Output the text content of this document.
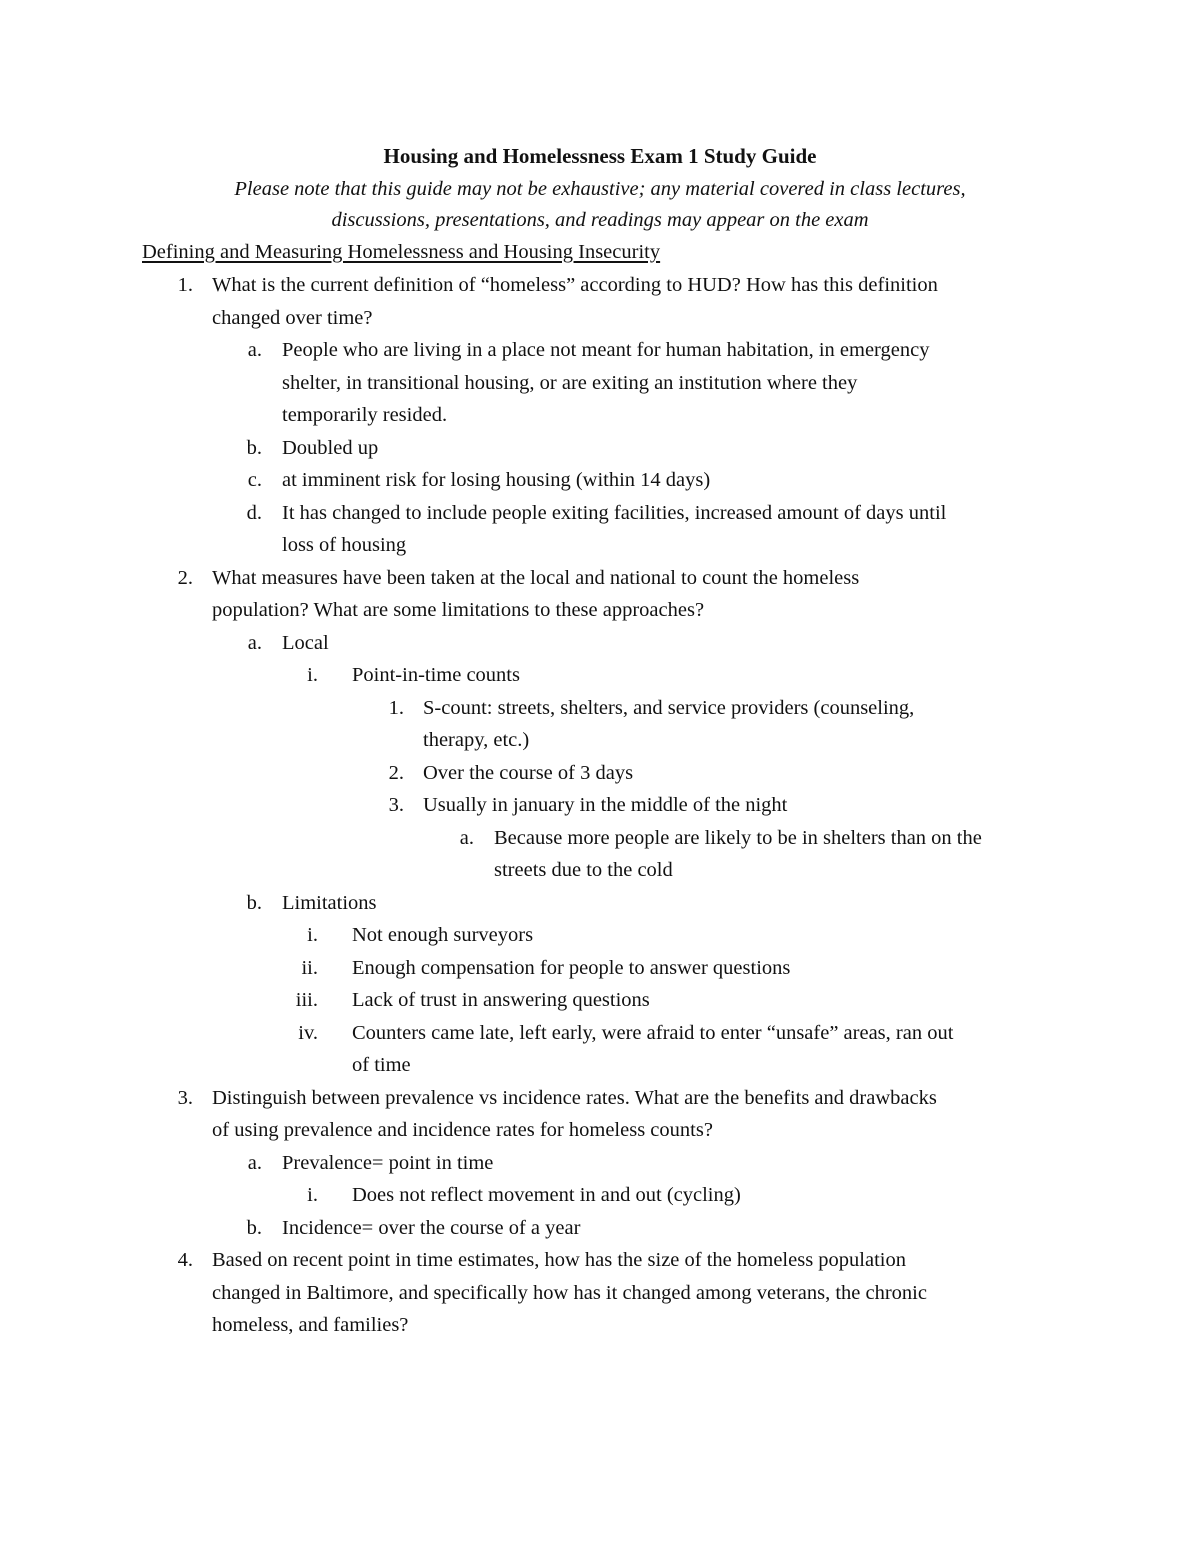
Housing and Homelessness Exam 1 Study Guide
Please note that this guide may not be exhaustive; any material covered in class lectures,
discussions, presentations, and readings may appear on the exam
Defining and Measuring Homelessness and Housing Insecurity
1. What is the current definition of “homeless” according to HUD? How has this definition
changed over time?
a. People who are living in a place not meant for human habitation, in emergency
shelter, in transitional housing, or are exiting an institution where they
temporarily resided.
b. Doubled up
c. at imminent risk for losing housing (within 14 days)
d. It has changed to include people exiting facilities, increased amount of days until
loss of housing
2. What measures have been taken at the local and national to count the homeless
population? What are some limitations to these approaches?
a. Local
i. Point-in-time counts
1. S-count: streets, shelters, and service providers (counseling,
therapy, etc.)
2. Over the course of 3 days
3. Usually in january in the middle of the night
a. Because more people are likely to be in shelters than on the
streets due to the cold
b. Limitations
i. Not enough surveyors
ii. Enough compensation for people to answer questions
iii. Lack of trust in answering questions
iv. Counters came late, left early, were afraid to enter “unsafe” areas, ran out
of time
3. Distinguish between prevalence vs incidence rates. What are the benefits and drawbacks
of using prevalence and incidence rates for homeless counts?
a. Prevalence= point in time
i. Does not reflect movement in and out (cycling)
b. Incidence= over the course of a year
4. Based on recent point in time estimates, how has the size of the homeless population
changed in Baltimore, and specifically how has it changed among veterans, the chronic
homeless, and families?
